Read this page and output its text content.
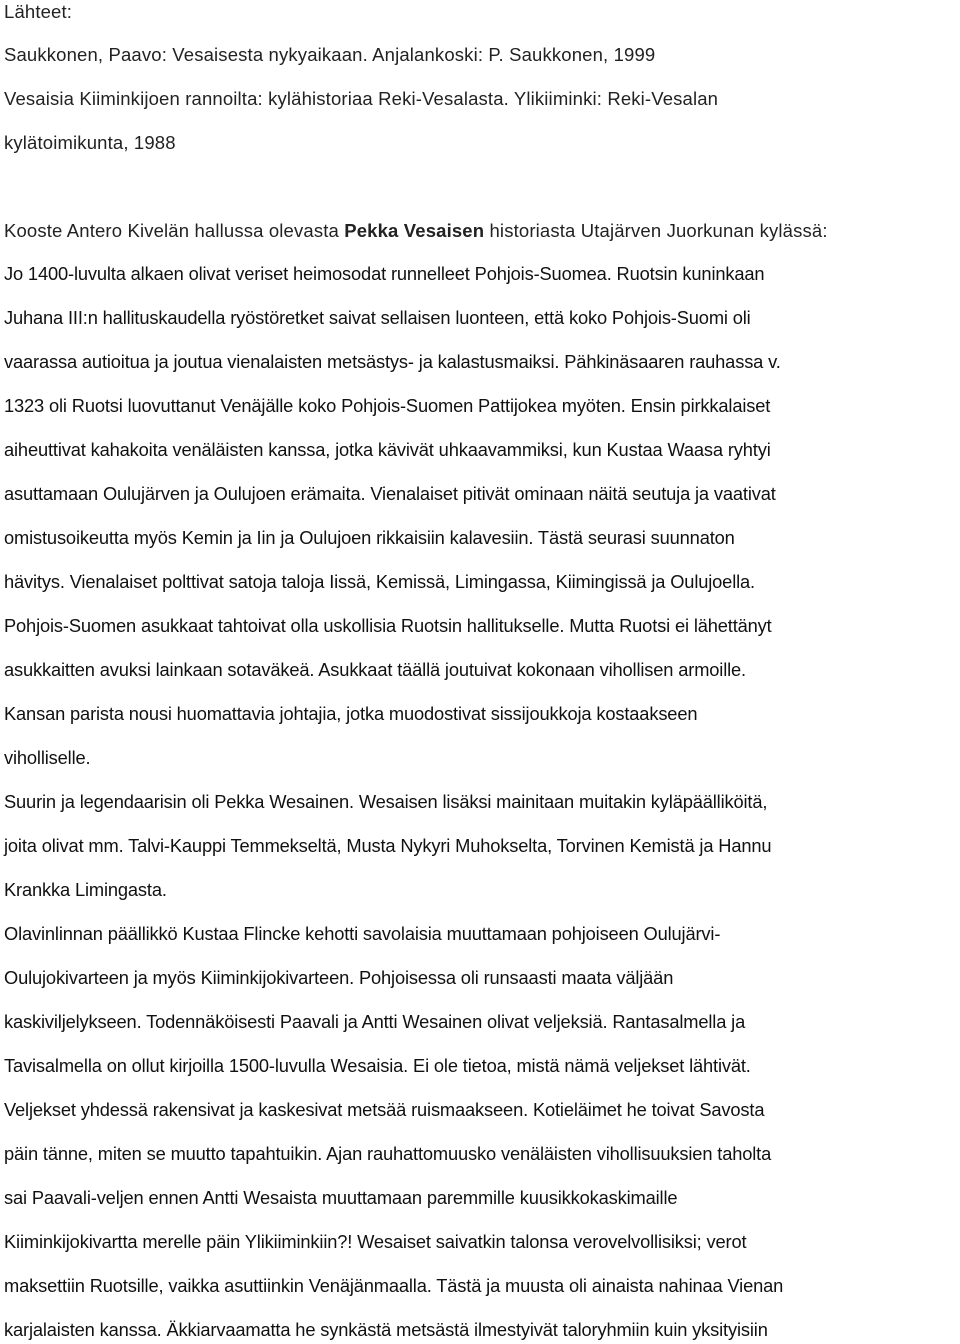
Lähteet:
Saukkonen, Paavo: Vesaisesta nykyaikaan. Anjalankoski: P. Saukkonen, 1999
Vesaisia Kiiminkijoen rannoilta: kylähistoriaa Reki-Vesalasta. Ylikiiminki: Reki-Vesalan
kylätoimikunta, 1988
Kooste Antero Kivelän hallussa olevasta Pekka Vesaisen historiasta Utajärven Juorkunan kylässä:
Jo 1400-luvulta alkaen olivat veriset heimosodat runnelleet Pohjois-Suomea. Ruotsin kuninkaan
Juhana III:n hallituskaudella ryöstöretket saivat sellaisen luonteen, että koko Pohjois-Suomi oli
vaarassa autioitua ja joutua vienalaisten metsästys- ja kalastusmaiksi. Pähkinäsaaren rauhassa v.
1323 oli Ruotsi luovuttanut Venäjälle koko Pohjois-Suomen Pattijokea myöten. Ensin pirkkalaiset
aiheuttivat kahakoita venäläisten kanssa, jotka kävivät uhkaavammiksi, kun Kustaa Waasa ryhtyi
asuttamaan Oulujärven ja Oulujoen erämaita. Vienalaiset pitivät ominaan näitä seutuja ja vaativat
omistusoikeutta myös Kemin ja Iin ja Oulujoen rikkaisiin kalavesiin. Tästä seurasi suunnaton
hävitys. Vienalaiset polttivat satoja taloja Iissä, Kemissä, Limingassa, Kiimingissä ja Oulujoella.
Pohjois-Suomen asukkaat tahtoivat olla uskollisia Ruotsin hallitukselle. Mutta Ruotsi ei lähettänyt
asukkaitten avuksi lainkaan sotaväkeä. Asukkaat täällä joutuivat kokonaan vihollisen armoille.
Kansan parista nousi huomattavia johtajia, jotka muodostivat sissijoukkoja kostaakseen
viholliselle.
Suurin ja legendaarisin oli Pekka Wesainen. Wesaisen lisäksi mainitaan muitakin kyläpäälliköitä,
joita olivat mm. Talvi-Kauppi Temmekseltä, Musta Nykyri Muhokselta, Torvinen Kemistä ja Hannu
Krankka Limingasta.
Olavinlinnan päällikkö Kustaa Flincke kehotti savolaisia muuttamaan pohjoiseen Oulujärvi-
Oulujokivarteen ja myös Kiiminkijokivarteen. Pohjoisessa oli runsaasti maata väljään
kaskiviljelykseen. Todennäköisesti Paavali ja Antti Wesainen olivat veljeksiä. Rantasalmella ja
Tavisalmella on ollut kirjoilla 1500-luvulla Wesaisia. Ei ole tietoa, mistä nämä veljekset lähtivät.
Veljekset yhdessä rakensivat ja kaskesivat metsää ruismaakseen. Kotieläimet he toivat Savosta
päin tänne, miten se muutto tapahtuikin. Ajan rauhattomuusko venäläisten vihollisuuksien taholta
sai Paavali-veljen ennen Antti Wesaista muuttamaan paremmille kuusikkokaskimaille
Kiiminkijokivartta merelle päin Ylikiiminkiin?! Wesaiset saivatkin talonsa verovelvollisiksi; verot
maksettiin Ruotsille, vaikka asuttiinkin Venäjänmaalla. Tästä ja muusta oli ainaista nahinaa Vienan
karjalaisten kanssa. Äkkiarvaamatta he synkästä metsästä ilmestyivät taloryhmiin kuin yksityisiin
